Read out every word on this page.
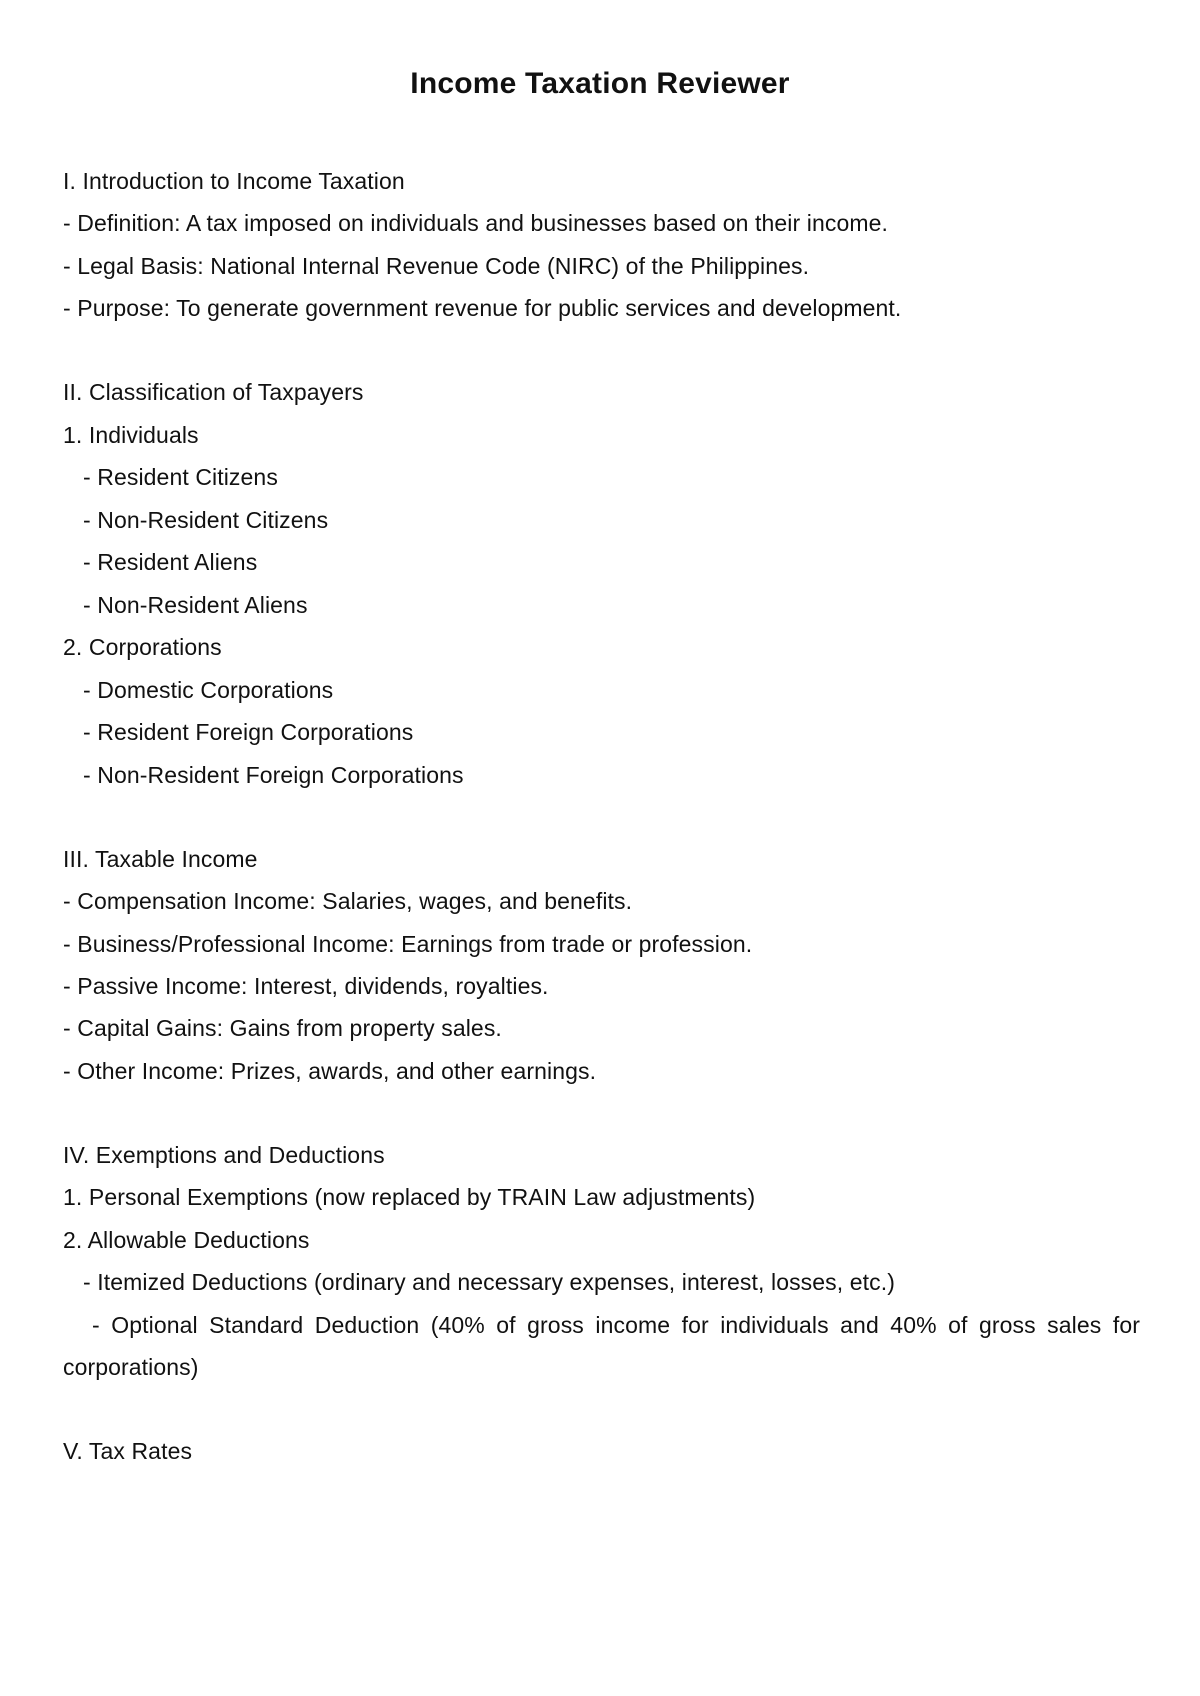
Income Taxation Reviewer
I. Introduction to Income Taxation
- Definition: A tax imposed on individuals and businesses based on their income.
- Legal Basis: National Internal Revenue Code (NIRC) of the Philippines.
- Purpose: To generate government revenue for public services and development.
II. Classification of Taxpayers
1. Individuals
- Resident Citizens
- Non-Resident Citizens
- Resident Aliens
- Non-Resident Aliens
2. Corporations
- Domestic Corporations
- Resident Foreign Corporations
- Non-Resident Foreign Corporations
III. Taxable Income
- Compensation Income: Salaries, wages, and benefits.
- Business/Professional Income: Earnings from trade or profession.
- Passive Income: Interest, dividends, royalties.
- Capital Gains: Gains from property sales.
- Other Income: Prizes, awards, and other earnings.
IV. Exemptions and Deductions
1. Personal Exemptions (now replaced by TRAIN Law adjustments)
2. Allowable Deductions
- Itemized Deductions (ordinary and necessary expenses, interest, losses, etc.)
- Optional Standard Deduction (40% of gross income for individuals and 40% of gross sales for
corporations)
V. Tax Rates
